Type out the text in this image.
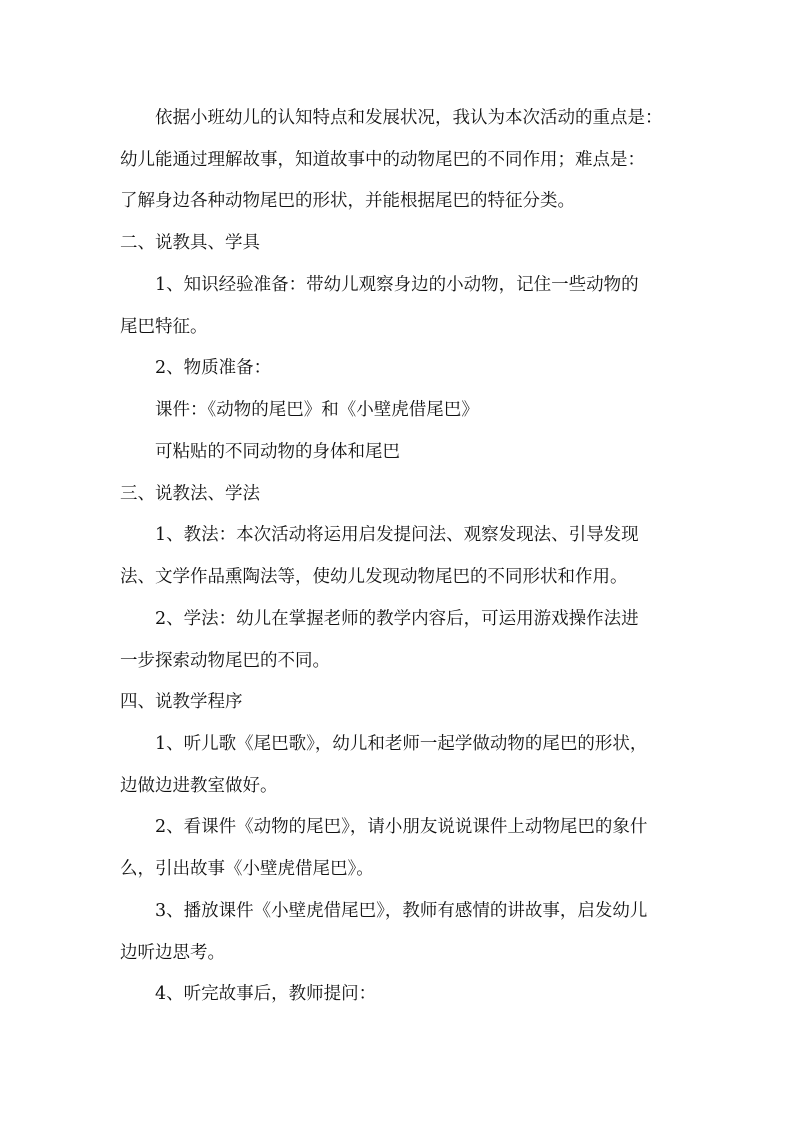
依据小班幼儿的认知特点和发展状况，我认为本次活动的重点是：
幼儿能通过理解故事，知道故事中的动物尾巴的不同作用；难点是：
了解身边各种动物尾巴的形状，并能根据尾巴的特征分类。
二、说教具、学具
1、知识经验准备：带幼儿观察身边的小动物，记住一些动物的
尾巴特征。
2、物质准备：
课件：《动物的尾巴》和《小壁虎借尾巴》
可粘贴的不同动物的身体和尾巴
三、说教法、学法
1、教法：本次活动将运用启发提问法、观察发现法、引导发现
法、文学作品熏陶法等，使幼儿发现动物尾巴的不同形状和作用。
2、学法：幼儿在掌握老师的教学内容后，可运用游戏操作法进
一步探索动物尾巴的不同。
四、说教学程序
1、听儿歌《尾巴歌》，幼儿和老师一起学做动物的尾巴的形状，
边做边进教室做好。
2、看课件《动物的尾巴》，请小朋友说说课件上动物尾巴的象什
么，引出故事《小壁虎借尾巴》。
3、播放课件《小壁虎借尾巴》，教师有感情的讲故事，启发幼儿
边听边思考。
4、听完故事后，教师提问：
